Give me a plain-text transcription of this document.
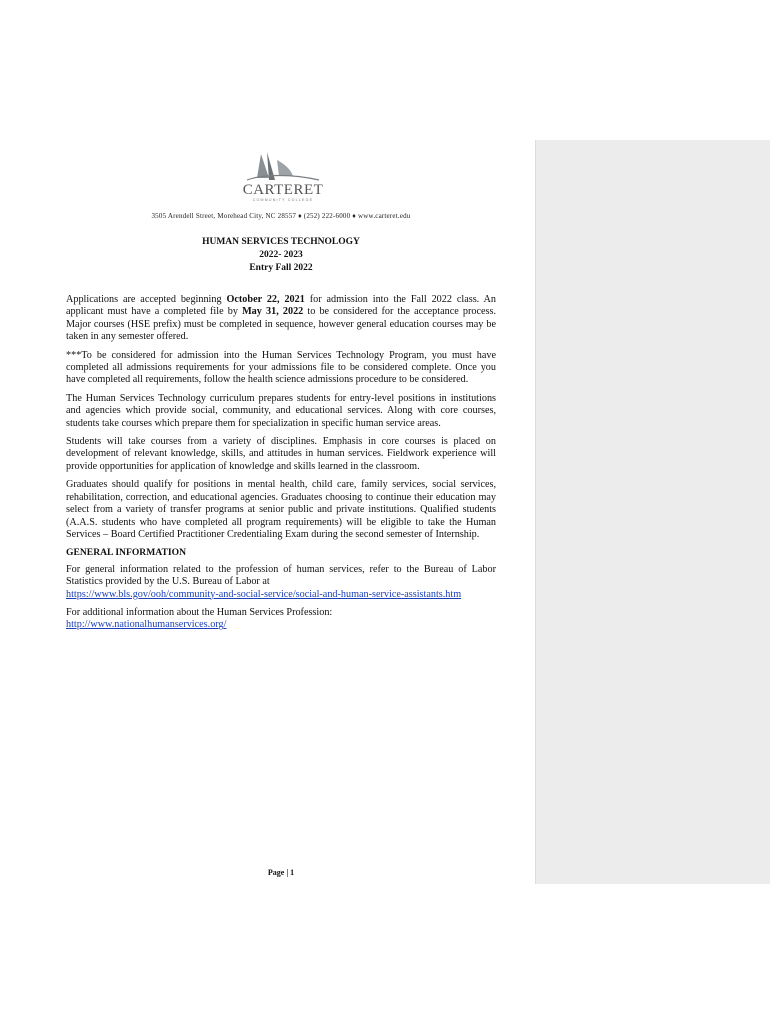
CARTERET
COMMUNITY COLLEGE
3505 Arendell Street, Morehead City, NC 28557 ♦ (252) 222-6000 ♦ www.carteret.edu
HUMAN SERVICES TECHNOLOGY
2022- 2023
Entry Fall 2022

Applications are accepted beginning October 22, 2021 for admission into the Fall 2022 class. An applicant must have a completed file by May 31, 2022 to be considered for the acceptance process. Major courses (HSE prefix) must be completed in sequence, however general education courses may be taken in any semester offered.

***To be considered for admission into the Human Services Technology Program, you must have completed all admissions requirements for your admissions file to be considered complete. Once you have completed all requirements, follow the health science admissions procedure to be considered.

The Human Services Technology curriculum prepares students for entry-level positions in institutions and agencies which provide social, community, and educational services. Along with core courses, students take courses which prepare them for specialization in specific human service areas.

Students will take courses from a variety of disciplines. Emphasis in core courses is placed on development of relevant knowledge, skills, and attitudes in human services. Fieldwork experience will provide opportunities for application of knowledge and skills learned in the classroom.

Graduates should qualify for positions in mental health, child care, family services, social services, rehabilitation, correction, and educational agencies. Graduates choosing to continue their education may select from a variety of transfer programs at senior public and private institutions. Qualified students (A.A.S. students who have completed all program requirements) will be eligible to take the Human Services – Board Certified Practitioner Credentialing Exam during the second semester of Internship.

GENERAL INFORMATION

For general information related to the profession of human services, refer to the Bureau of Labor Statistics provided by the U.S. Bureau of Labor at
https://www.bls.gov/ooh/community-and-social-service/social-and-human-service-assistants.htm

For additional information about the Human Services Profession:
http://www.nationalhumanservices.org/

Page | 1
